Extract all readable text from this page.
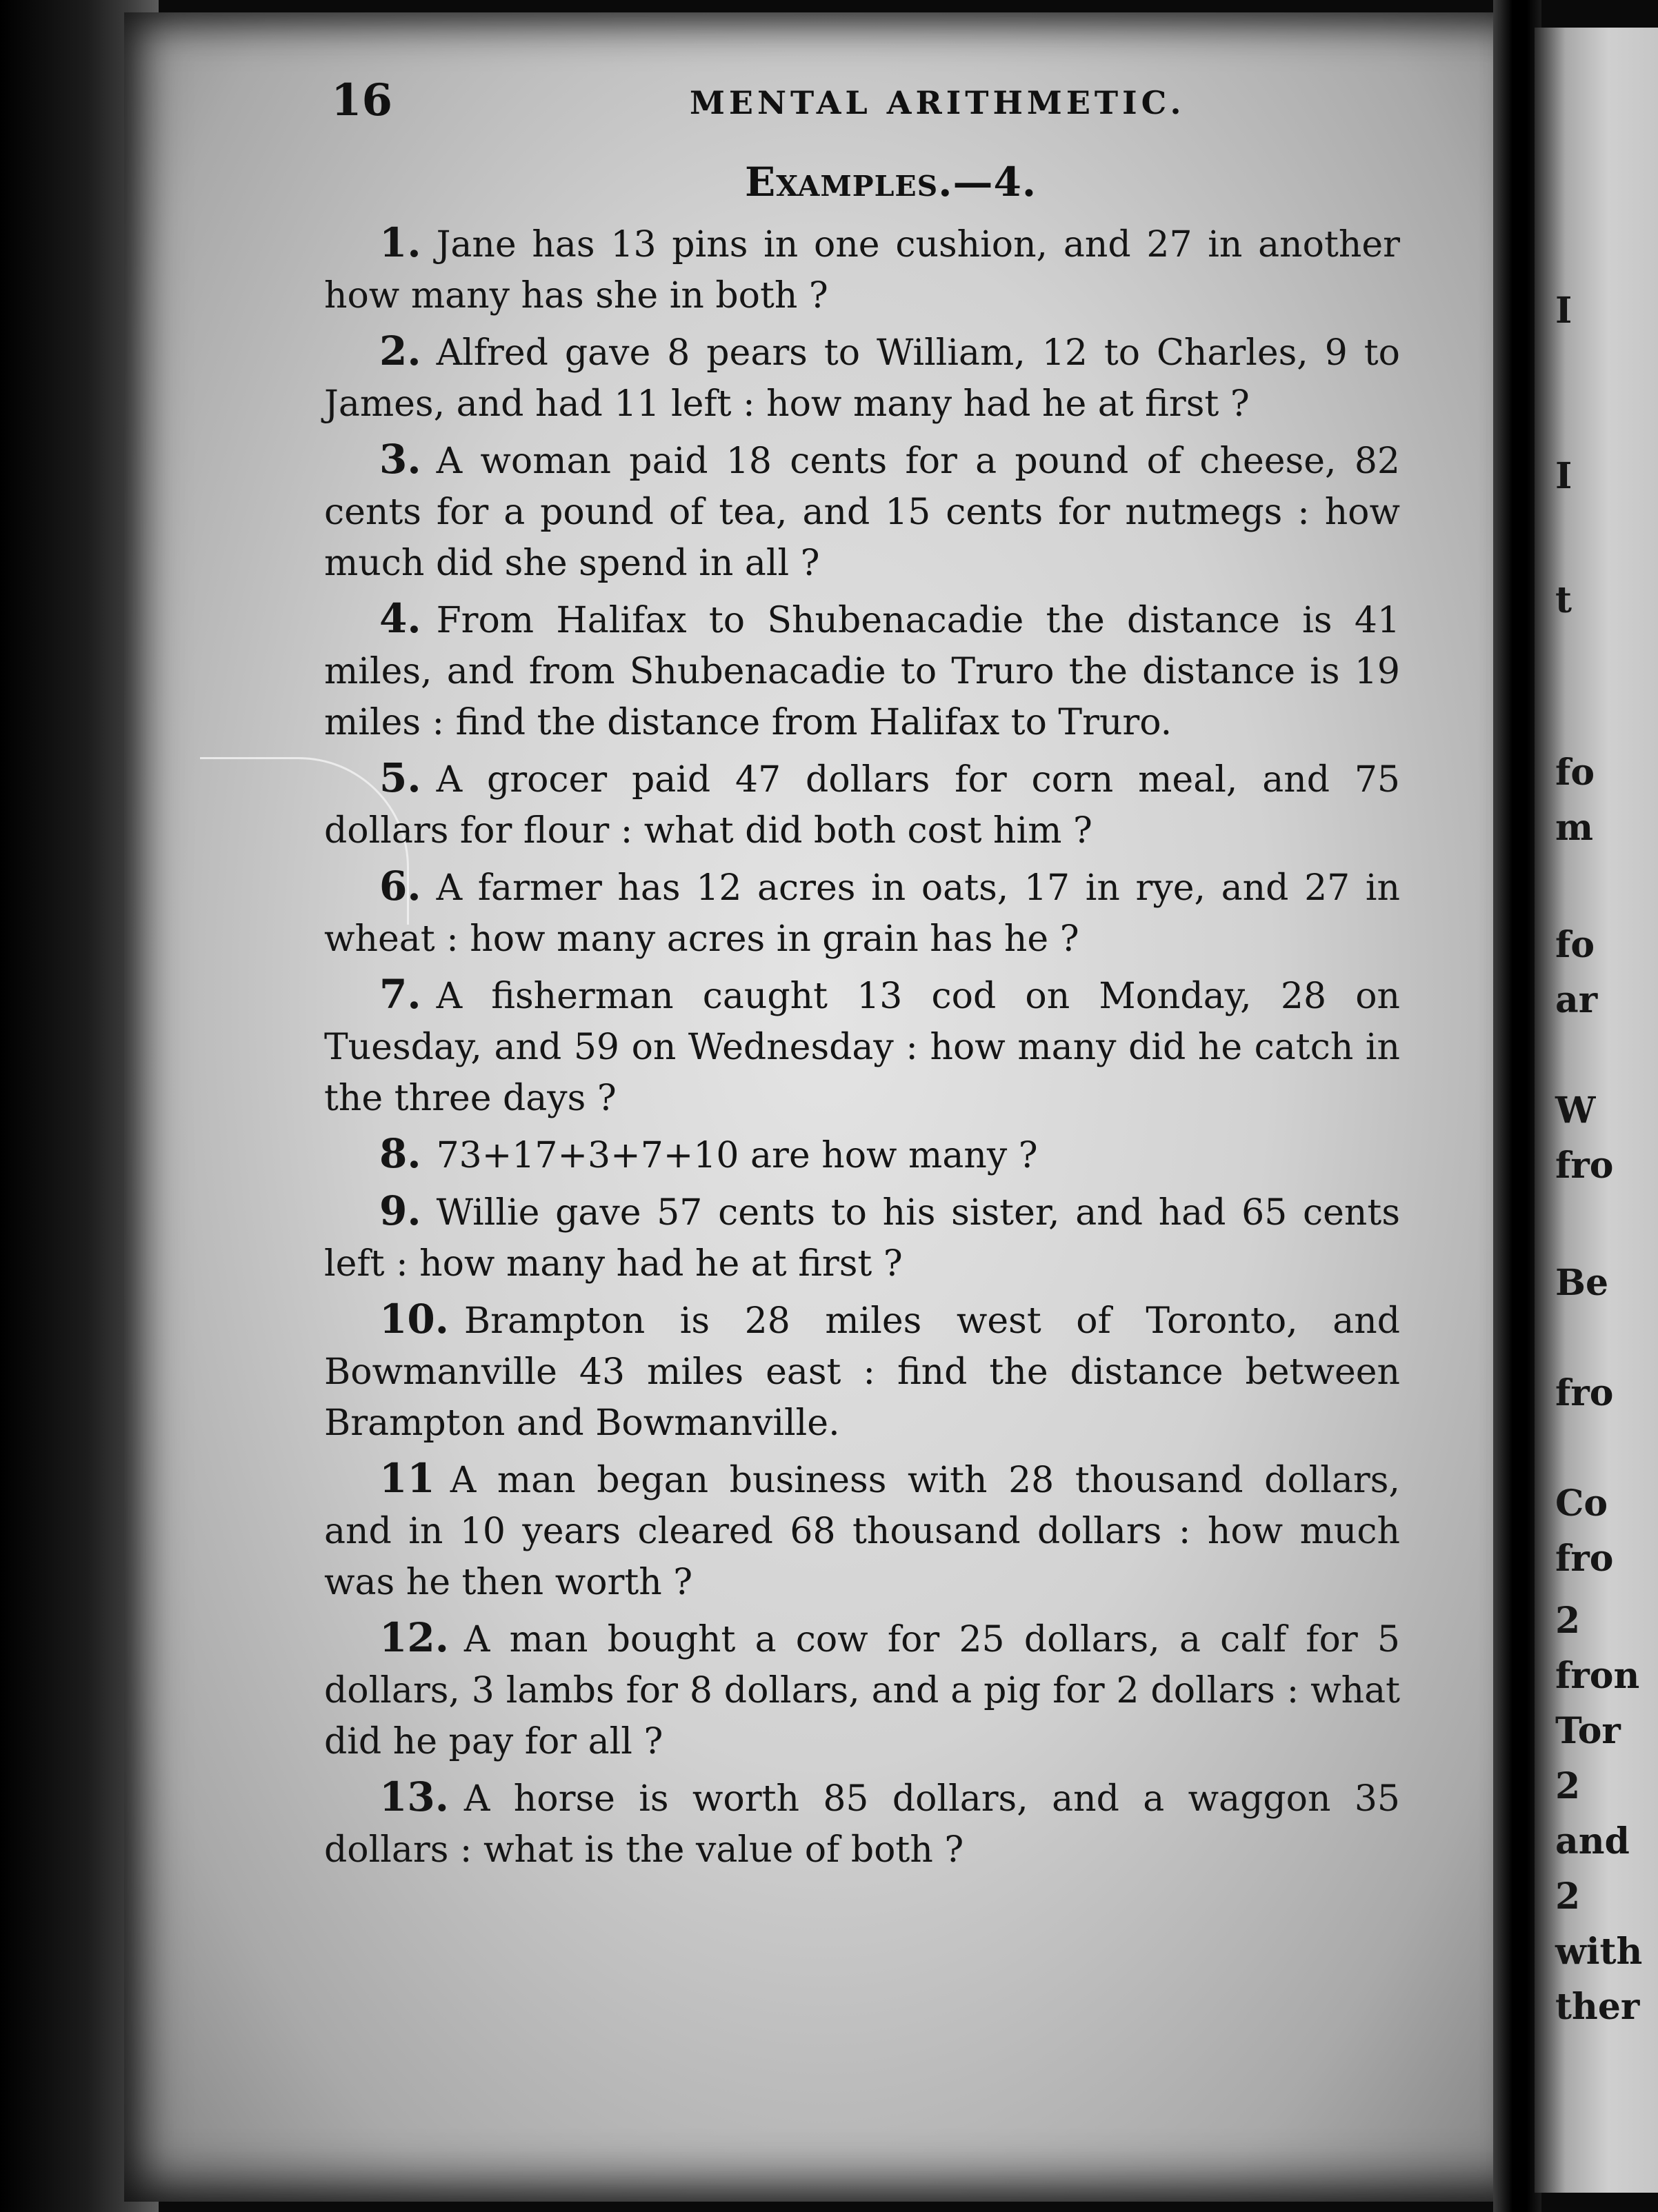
16	MENTAL ARITHMETIC.
Examples.—4.
1. Jane has 13 pins in one cushion, and 27 in another how many has she in both ?
2. Alfred gave 8 pears to William, 12 to Charles, 9 to James, and had 11 left : how many had he at first ?
3. A woman paid 18 cents for a pound of cheese, 82 cents for a pound of tea, and 15 cents for nutmegs : how much did she spend in all ?
4. From Halifax to Shubenacadie the distance is 41 miles, and from Shubenacadie to Truro the distance is 19 miles : find the distance from Halifax to Truro.
5. A grocer paid 47 dollars for corn meal, and 75 dollars for flour : what did both cost him ?
6. A farmer has 12 acres in oats, 17 in rye, and 27 in wheat : how many acres in grain has he ?
7. A fisherman caught 13 cod on Monday, 28 on Tuesday, and 59 on Wednesday : how many did he catch in the three days ?
8. 73+17+3+7+10 are how many ?
9. Willie gave 57 cents to his sister, and had 65 cents left : how many had he at first ?
10. Brampton is 28 miles west of Toronto, and Bowmanville 43 miles east : find the distance between Brampton and Bowmanville.
11 A man began business with 28 thousand dollars, and in 10 years cleared 68 thousand dollars : how much was he then worth ?
12. A man bought a cow for 25 dollars, a calf for 5 dollars, 3 lambs for 8 dollars, and a pig for 2 dollars : what did he pay for all ?
13. A horse is worth 85 dollars, and a waggon 35 dollars : what is the value of both ?
I
I
t
fo
m
fo
ar
W
fro
Be
fro
Co
fro
2
fron
Tor
2
and
2
with
ther
